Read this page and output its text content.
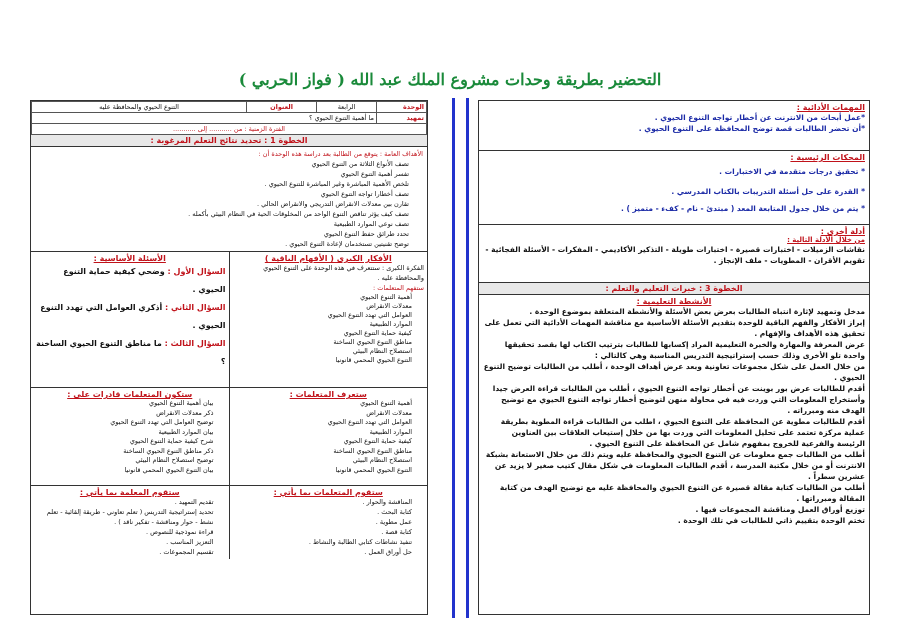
التحضير بطريقة وحدات مشروع الملك عبد الله ( فواز الحربي )
المهمات الأدائية :
*عمل أبحاث من الانترنت عن أخطار تواجه التنوع الحيوي .
*أن تحضر الطالبات قصة توضح المحافظة على التنوع الحيوي .
المحكات الرئيسية :
* تحقيق درجات متقدمة في الاختبارات .
* القدرة على حل أسئلة التدريبات بالكتاب المدرسي .
* يتم من خلال جدول المتابعة المعد ( مبتدئ - نام - كفء - متميز ) .
أدلة أخرى :
من خلال الأدلة التالية :
نقاشات الزميلات - اختبارات قصيرة - اختبارات طويلة - التذكير الأكاديمي - المفكرات - الأسئلة الفجائية - تقويم الأقران - المطويات - ملف الإنجاز .
الخطوة 3 : خبرات التعليم والتعلم :
الأنشطة التعليمية :
مدخل وتمهيد لإثارة انتباه الطالبات بعرض بعض الأسئلة والأنشطة المتعلقة بموضوع الوحدة .
إبراز الأفكار والفهم الباقية للوحدة بتقديم الأسئلة الأساسية مع مناقشة المهمات الأدائية التي تعمل على تحقيق هذه الأهداف والإفهام .
عرض المعرفة والمهارة والخبرة التعليمية المراد إكسابها للطالبات بترتيب الكتاب لها بقصد تحقيقها واحدة تلو الأخرى وذلك حسب إستراتيجية التدريس المناسبة وهي كالتالي :
من خلال العمل على شكل مجموعات تعاونية وبعد عرض أهداف الوحدة ، أطلب من الطالبات توضيح التنوع الحيوي .
أقدم للطالبات عرض بور بوينت عن أخطار تواجه التنوع الحيوي ، أطلب من الطالبات قراءة العرض جيدا وأستخراج المعلومات التي وردت فيه في محاولة منهن لتوضيح أخطار تواجه التنوع الحيوي مع توضيح الهدف منه ومبرراته .
أقدم للطالبات مطوية عن المحافظة على التنوع الحيوي ، اطلب من الطالبات قراءة المطوية بطريقة عملية مركزة تعتمد على تحليل المعلومات التي وردت بها من خلال إستيعاب العلاقات بين العناوين الرئيسة والفرعية للخروج بمفهوم شامل عن المحافظة على التنوع الحيوي .
أطلب من الطالبات جمع معلومات عن التنوع الحيوي والمحافظة عليه ويتم ذلك من خلال الاستعانة بشبكة الانترنت أو من خلال مكتبة المدرسة ، أقدم الطالبات المعلومات في شكل مقال كتيب صغير لا يزيد عن عشرين سطراً .
أطلب من الطالبات كتابة مقالة قصيرة عن التنوع الحيوي والمحافظة عليه مع توضيح الهدف من كتابة المقالة ومبرراتها .
توزيع أوراق العمل ومناقشة المجموعات فيها .
تختم الوحدة بتقييم ذاتي للطالبات في تلك الوحدة .
الوحدة	الرابعة	العنوان	التنوع الحيوي والمحافظة عليه
تمهيد	ما أهمية التنوع الحيوي ؟		
الفترة الزمنية : من ........... إلى ...........			
الخطوة 1 : تحديد نتائج التعلم المرغوبة :
الأهداف العامة : يتوقع من الطالبة بعد دراسة هذه الوحدة أن :
تصف الأنواع الثلاثة من التنوع الحيوي
تفسر أهمية التنوع الحيوي
تلخص الأهمية المباشرة وغير المباشرة للتنوع الحيوي .
تصف أخطارا تواجه التنوع الحيوي
تقارن بين معدلات الانقراض التدريجي والانقراض الحالي .
تصف كيف يؤثر تناقص التنوع الواحد من المخلوقات الحية في النظام البيئي بأكمله .
تصف نوعي الموارد الطبيعية
تحدد طرائق حفظ التنوع الحيوي
توضح تقنيتين تستخدمان لإعادة التنوع الحيوي .
الأفكار الكبرى ( الأفهام الباقية )
الفكرة الكبرى : ستتعرف في هذه الوحدة على التنوع الحيوي والمحافظة عليه .
ستفهم المتعلمات :
أهمية التنوع الحيوي
معدلات الانقراض
العوامل التي تهدد التنوع الحيوي
الموارد الطبيعية
كيفية حماية التنوع الحيوي
مناطق التنوع الحيوي الساخنة
استصلاح النظام البيئي
التنوع الحيوي المحمي قانونيا
الأسئلة الأساسية :
السؤال الأول : وضحي كيفية حماية التنوع الحيوي .
السؤال الثاني : أذكري العوامل التي تهدد التنوع الحيوي .
السؤال الثالث : ما مناطق التنوع الحيوي الساخنة ؟
ستعرف المتعلمات :
أهمية التنوع الحيوي
معدلات الانقراض
العوامل التي تهدد التنوع الحيوي
الموارد الطبيعية
كيفية حماية التنوع الحيوي
مناطق التنوع الحيوي الساخنة
استصلاح النظام البيئي
التنوع الحيوي المحمي قانونيا
ستكون المتعلمات قادرات على :
بيان أهمية التنوع الحيوي
ذكر معدلات الانقراض
توضيح العوامل التي تهدد التنوع الحيوي
بيان الموارد الطبيعية
شرح كيفية حماية التنوع الحيوي
ذكر مناطق التنوع الحيوي الساخنة
توضيح استصلاح النظام البيئي
بيان التنوع الحيوي المحمي قانونيا
ستقوم المتعلمات بما يأتي :
المناقشة والحوار .
كتابة البحث .
عمل مطوية .
كتابة قصة .
تنفيذ نشاطات كتابي الطالبة والنشاط .
حل أوراق العمل .
ستقوم المعلمة بما يأتي :
تقديم التمهيد .
تحديد إستراتيجية التدريس ( تعلم تعاوني - طريقة إلقائية - تعلم نشط - حوار ومناقشة - تفكير ناقد ) .
قراءة نموذجية للنصوص .
التعزيز المناسب .
تقسيم المجموعات .
